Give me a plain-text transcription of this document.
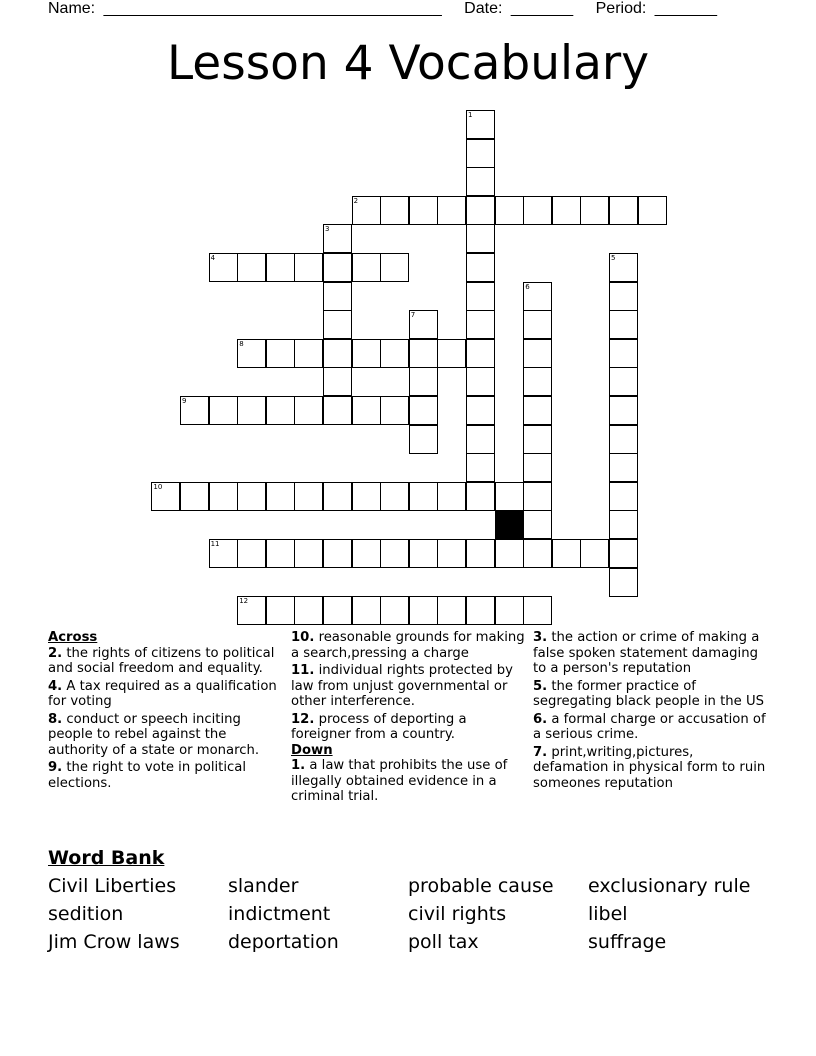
Name: ______________________________________ Date: _______ Period: _______
Lesson 4 Vocabulary
1
2
3
4	5
6
7
8
9
10
11
12
Across
2. the rights of citizens to political and social freedom and equality.
4. A tax required as a qualification for voting
8. conduct or speech inciting people to rebel against the authority of a state or monarch.
9. the right to vote in political elections.
10. reasonable grounds for making a search,pressing a charge
11. individual rights protected by law from unjust governmental or other interference.
12. process of deporting a foreigner from a country.
Down
1. a law that prohibits the use of illegally obtained evidence in a criminal trial.
3. the action or crime of making a false spoken statement damaging to a person's reputation
5. the former practice of segregating black people in the US
6. a formal charge or accusation of a serious crime.
7. print,writing,pictures, defamation in physical form to ruin someones reputation
Word Bank
Civil Liberties	slander	probable cause	exclusionary rule
sedition	indictment	civil rights	libel
Jim Crow laws	deportation	poll tax	suffrage
